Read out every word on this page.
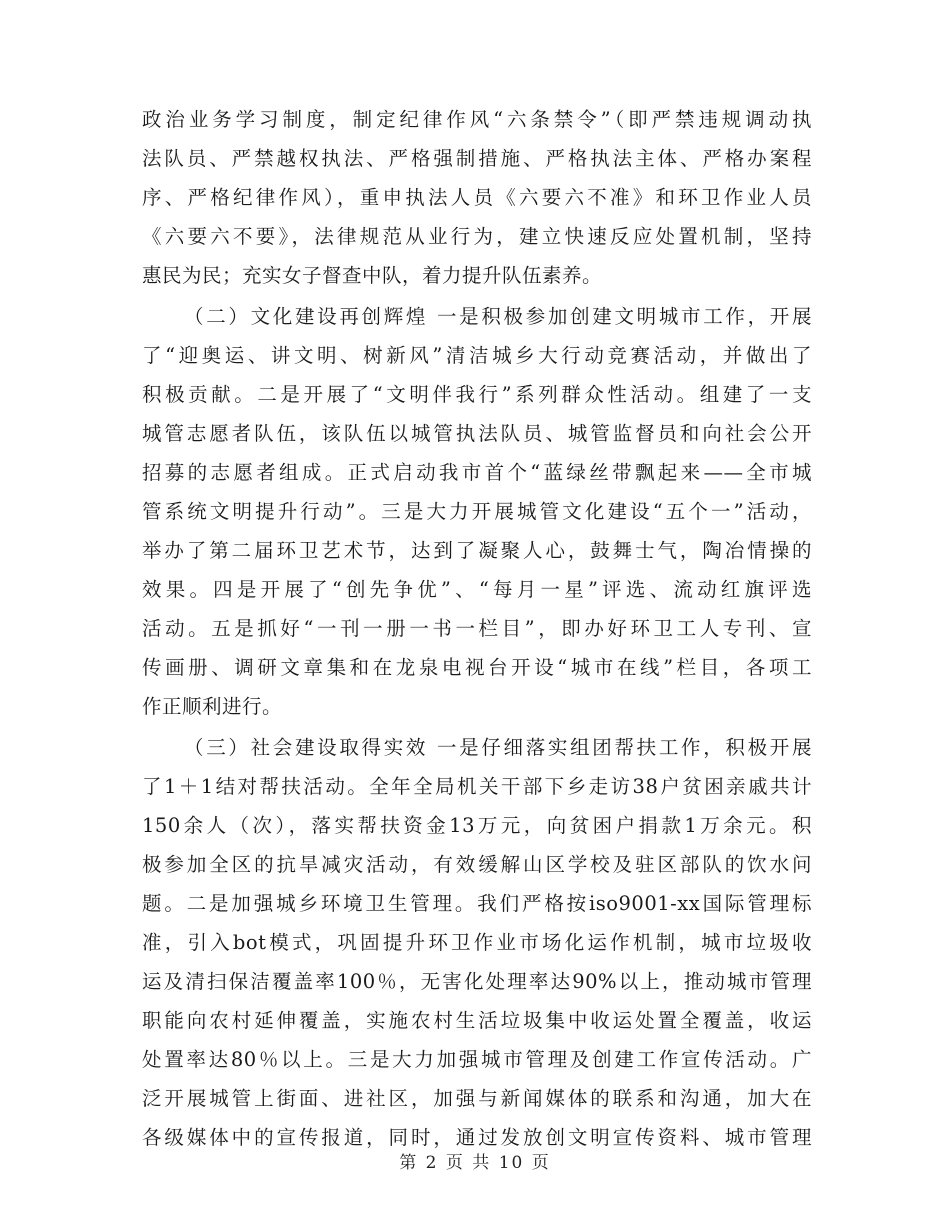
政治业务学习制度，制定纪律作风“六条禁令”（即严禁违规调动执
法队员、严禁越权执法、严格强制措施、严格执法主体、严格办案程
序、严格纪律作风），重申执法人员《六要六不准》和环卫作业人员
《六要六不要》，法律规范从业行为，建立快速反应处置机制，坚持
惠民为民；充实女子督查中队，着力提升队伍素养。
（二）文化建设再创辉煌 一是积极参加创建文明城市工作，开展
了“迎奥运、讲文明、树新风”清洁城乡大行动竞赛活动，并做出了
积极贡献。二是开展了“文明伴我行”系列群众性活动。组建了一支
城管志愿者队伍，该队伍以城管执法队员、城管监督员和向社会公开
招募的志愿者组成。正式启动我市首个“蓝绿丝带飘起来——全市城
管系统文明提升行动”。三是大力开展城管文化建设“五个一”活动，
举办了第二届环卫艺术节，达到了凝聚人心，鼓舞士气，陶冶情操的
效果。四是开展了“创先争优”、“每月一星”评选、流动红旗评选
活动。五是抓好“一刊一册一书一栏目”，即办好环卫工人专刊、宣
传画册、调研文章集和在龙泉电视台开设“城市在线”栏目，各项工
作正顺利进行。
（三）社会建设取得实效 一是仔细落实组团帮扶工作，积极开展
了1＋1结对帮扶活动。全年全局机关干部下乡走访38户贫困亲戚共计
150余人（次），落实帮扶资金13万元，向贫困户捐款1万余元。积
极参加全区的抗旱减灾活动，有效缓解山区学校及驻区部队的饮水问
题。二是加强城乡环境卫生管理。我们严格按iso9001-xx国际管理标
准，引入bot模式，巩固提升环卫作业市场化运作机制，城市垃圾收
运及清扫保洁覆盖率100％，无害化处理率达90%以上，推动城市管理
职能向农村延伸覆盖，实施农村生活垃圾集中收运处置全覆盖，收运
处置率达80％以上。三是大力加强城市管理及创建工作宣传活动。广
泛开展城管上街面、进社区，加强与新闻媒体的联系和沟通，加大在
各级媒体中的宣传报道，同时，通过发放创文明宣传资料、城市管理
第 2 页 共 10 页
